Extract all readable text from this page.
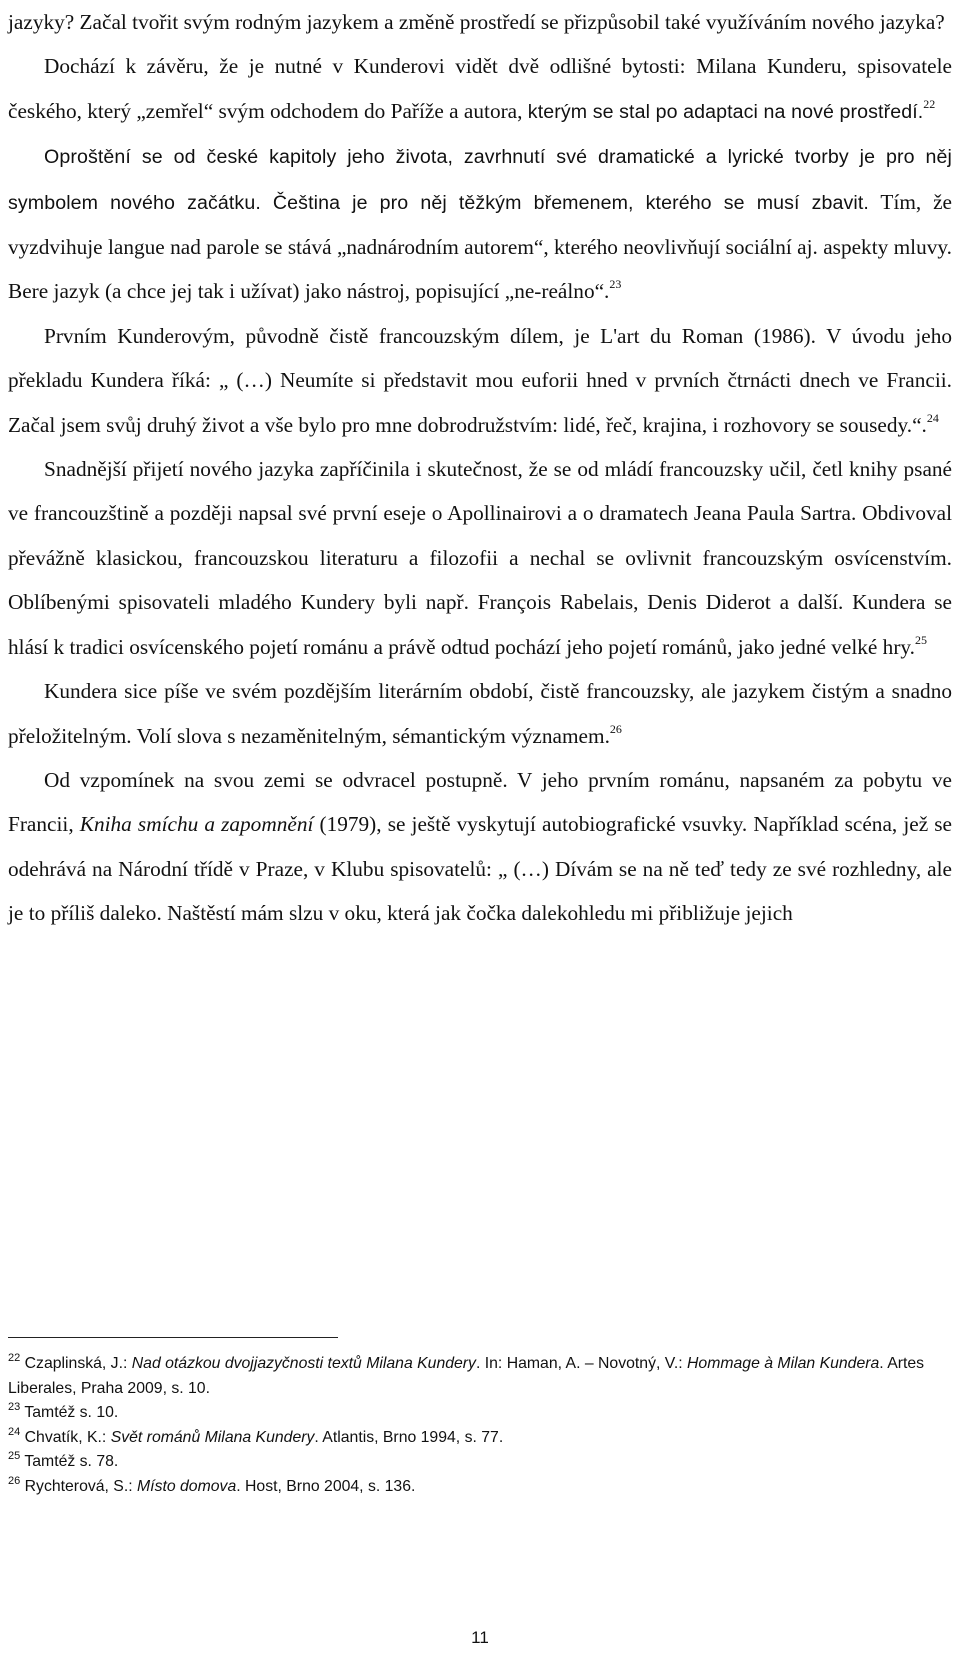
jazyky? Začal tvořit svým rodným jazykem a změně prostředí se přizpůsobil také využíváním nového jazyka?

Dochází k závěru, že je nutné v Kunderovi vidět dvě odlišné bytosti: Milana Kunderu, spisovatele českého, který „zemřel“ svým odchodem do Paříže a autora, kterým se stal po adaptaci na nové prostředí.$^{22}$

Oproštění se od české kapitoly jeho života, zavrhnutí své dramatické a lyrické tvorby je pro něj symbolem nového začátku. Čeština je pro něj těžkým břemenem, kterého se musí zbavit. Tím, že vyzdvihuje langue nad parole se stává „nadnárodním autorem“, kterého neovlivňují sociální aj. aspekty mluvy. Bere jazyk (a chce jej tak i užívat) jako nástroj, popisující „ne-reálno“.$^{23}$

Prvním Kunderovým, původně čistě francouzským dílem, je L'art du Roman (1986). V úvodu jeho překladu Kundera říká: „ (…) Neumíte si představit mou euforii hned v prvních čtrnácti dnech ve Francii. Začal jsem svůj druhý život a vše bylo pro mne dobrodružstvím: lidé, řeč, krajina, i rozhovory se sousedy.“.$^{24}$

Snadnější přijetí nového jazyka zapříčinila i skutečnost, že se od mládí francouzsky učil, četl knihy psané ve francouzštině a později napsal své první eseje o Apollinairovi a o dramatech Jeana Paula Sartra. Obdivoval převážně klasickou, francouzskou literaturu a filozofii a nechal se ovlivnit francouzským osvícenstvím. Oblíbenými spisovateli mladého Kundery byli např. François Rabelais, Denis Diderot a další. Kundera se hlásí k tradici osvícenského pojetí románu a právě odtud pochází jeho pojetí románů, jako jedné velké hry.$^{25}$

Kundera sice píše ve svém pozdějším literárním období, čistě francouzsky, ale jazykem čistým a snadno přeložitelným. Volí slova s nezaměnitelným, sémantickým významem.$^{26}$

Od vzpomínek na svou zemi se odvracel postupně. V jeho prvním románu, napsaném za pobytu ve Francii, Kniha smíchu a zapomnění (1979), se ještě vyskytují autobiografické vsuvky. Například scéna, jež se odehrává na Národní třídě v Praze, v Klubu spisovatelů: „ (…) Dívám se na ně teď tedy ze své rozhledny, ale je to příliš daleko. Naštěstí mám slzu v oku, která jak čočka dalekohledu mi přibližuje jejich

$^{22}$ Czaplinská, J.: Nad otázkou dvojjazyčnosti textů Milana Kundery. In: Haman, A. – Novotný, V.: Hommage à Milan Kundera. Artes Liberales, Praha 2009, s. 10.

$^{23}$ Tamtéž s. 10.

$^{24}$ Chvatík, K.: Svět románů Milana Kundery. Atlantis, Brno 1994, s. 77.

$^{25}$ Tamtéž s. 78.

$^{26}$ Rychterová, S.: Místo domova. Host, Brno 2004, s. 136.

11
